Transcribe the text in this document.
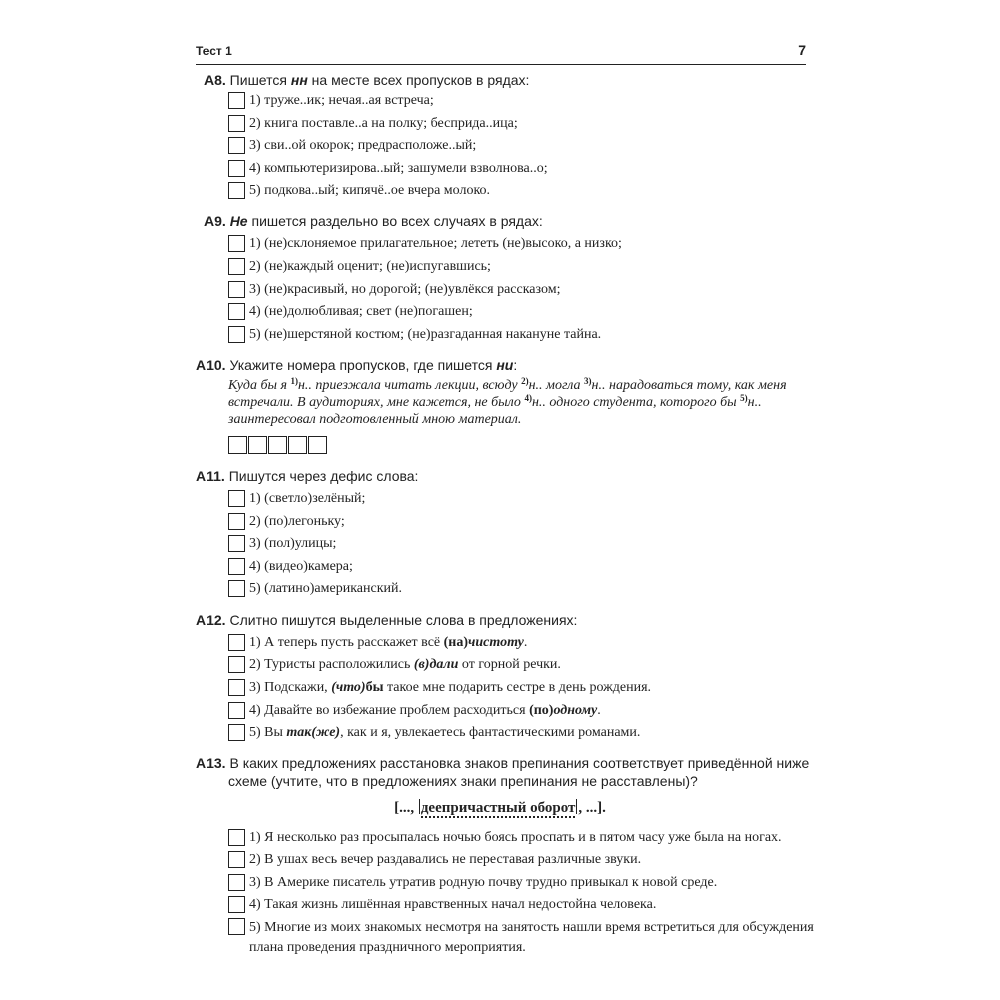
Тест 1	7
А8. Пишется нн на месте всех пропусков в рядах:
1) труже..ик; нечая..ая встреча;
2) книга поставле..а на полку; бесприда..ица;
3) сви..ой окорок; предрасположе..ый;
4) компьютеризирова..ый; зашумели взволнова..о;
5) подкова..ый; кипячё..ое вчера молоко.
А9. Не пишется раздельно во всех случаях в рядах:
1) (не)склоняемое прилагательное; лететь (не)высоко, а низко;
2) (не)каждый оценит; (не)испугавшись;
3) (не)красивый, но дорогой; (не)увлёкся рассказом;
4) (не)долюбливая; свет (не)погашен;
5) (не)шерстяной костюм; (не)разгаданная накануне тайна.
А10. Укажите номера пропусков, где пишется ни:
Куда бы я $^{1)}$н.. приезжала читать лекции, всюду $^{2)}$н.. могла $^{3)}$н.. нарадоваться тому, как меня встречали. В аудиториях, мне кажется, не было $^{4)}$н.. одного студента, которого бы $^{5)}$н.. заинтересовал подготовленный мною материал.
А11. Пишутся через дефис слова:
1) (светло)зелёный;
2) (по)легоньку;
3) (пол)улицы;
4) (видео)камера;
5) (латино)американский.
А12. Слитно пишутся выделенные слова в предложениях:
1) А теперь пусть расскажет всё (на)чистоту.
2) Туристы расположились (в)дали от горной речки.
3) Подскажи, (что)бы такое мне подарить сестре в день рождения.
4) Давайте во избежание проблем расходиться (по)одному.
5) Вы так(же), как и я, увлекаетесь фантастическими романами.
А13. В каких предложениях расстановка знаков препинания соответствует приведённой ниже
схеме (учтите, что в предложениях знаки препинания не расставлены)?
[..., деепричастный оборот , ...].
1) Я несколько раз просыпалась ночью боясь проспать и в пятом часу уже была на ногах.
2) В ушах весь вечер раздавались не переставая различные звуки.
3) В Америке писатель утратив родную почву трудно привыкал к новой среде.
4) Такая жизнь лишённая нравственных начал недостойна человека.
5) Многие из моих знакомых несмотря на занятость нашли время встретиться для обсуждения плана проведения праздничного мероприятия.
